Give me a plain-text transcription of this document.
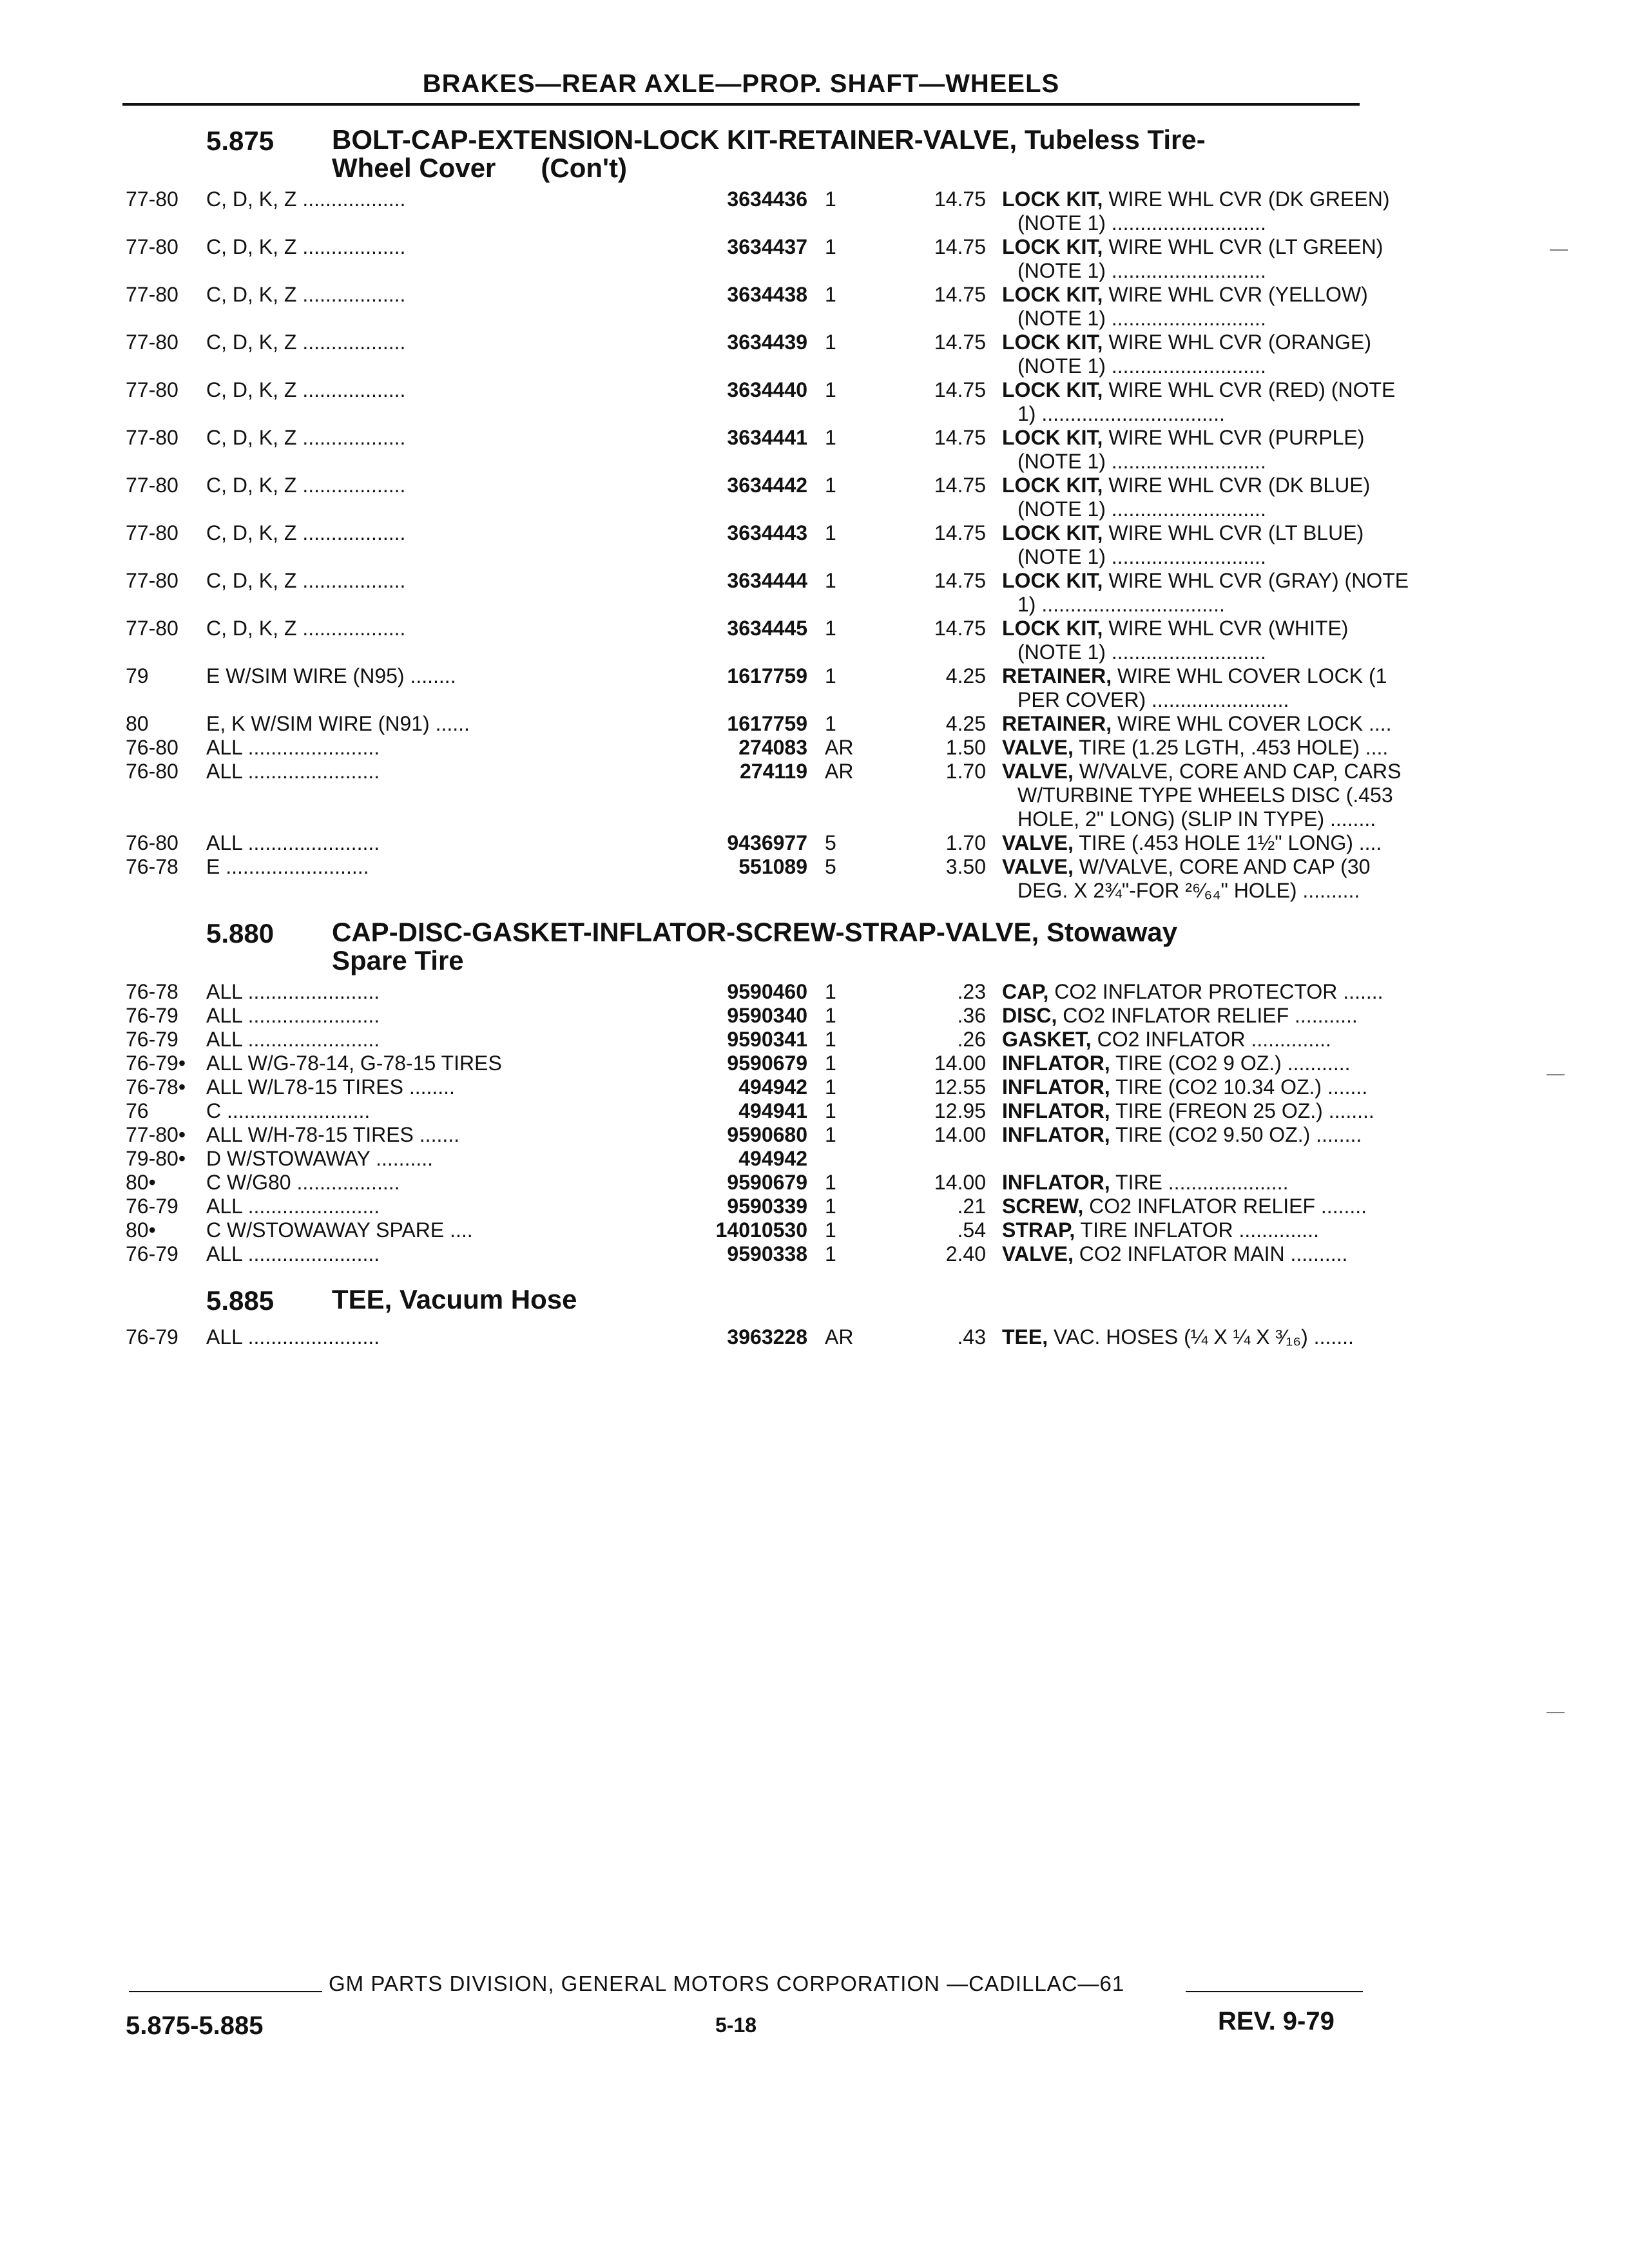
BRAKES—REAR AXLE—PROP. SHAFT—WHEELS
5.875 BOLT-CAP-EXTENSION-LOCK KIT-RETAINER-VALVE, Tubeless Tire-
Wheel Cover (Con't)
77-80	C, D, K, Z ..................	3634436 1	14.75 LOCK KIT, WIRE WHL CVR (DK GREEN)
(NOTE 1) ...........................
77-80	C, D, K, Z ..................	3634437 1	14.75 LOCK KIT, WIRE WHL CVR (LT GREEN)
(NOTE 1) ...........................
77-80	C, D, K, Z ..................	3634438 1	14.75 LOCK KIT, WIRE WHL CVR (YELLOW)
(NOTE 1) ...........................
77-80	C, D, K, Z ..................	3634439 1	14.75 LOCK KIT, WIRE WHL CVR (ORANGE)
(NOTE 1) ...........................
77-80	C, D, K, Z ..................	3634440 1	14.75 LOCK KIT, WIRE WHL CVR (RED) (NOTE
1) ................................
77-80	C, D, K, Z ..................	3634441 1	14.75 LOCK KIT, WIRE WHL CVR (PURPLE)
(NOTE 1) ...........................
77-80	C, D, K, Z ..................	3634442 1	14.75 LOCK KIT, WIRE WHL CVR (DK BLUE)
(NOTE 1) ...........................
77-80	C, D, K, Z ..................	3634443 1	14.75 LOCK KIT, WIRE WHL CVR (LT BLUE)
(NOTE 1) ...........................
77-80	C, D, K, Z ..................	3634444 1	14.75 LOCK KIT, WIRE WHL CVR (GRAY) (NOTE
1) ................................
77-80	C, D, K, Z ..................	3634445 1	14.75 LOCK KIT, WIRE WHL CVR (WHITE)
(NOTE 1) ...........................
79	E W/SIM WIRE (N95) ........	1617759 1	4.25 RETAINER, WIRE WHL COVER LOCK (1
PER COVER) ........................
80	E, K W/SIM WIRE (N91) ......	1617759 1	4.25 RETAINER, WIRE WHL COVER LOCK ....
76-80	ALL .......................	274083 AR	1.50 VALVE, TIRE (1.25 LGTH, .453 HOLE) ....
76-80	ALL .......................	274119 AR	1.70 VALVE, W/VALVE, CORE AND CAP, CARS
W/TURBINE TYPE WHEELS DISC (.453
HOLE, 2" LONG) (SLIP IN TYPE) ........
76-80	ALL .......................	9436977 5	1.70 VALVE, TIRE (.453 HOLE 1½" LONG) ....
76-78	E .........................	551089 5	3.50 VALVE, W/VALVE, CORE AND CAP (30
DEG. X 2¾"-FOR ²⁶⁄₆₄" HOLE) ..........
5.880 CAP-DISC-GASKET-INFLATOR-SCREW-STRAP-VALVE, Stowaway
Spare Tire
76-78	ALL .......................	9590460 1	.23 CAP, CO2 INFLATOR PROTECTOR .......
76-79	ALL .......................	9590340 1	.36 DISC, CO2 INFLATOR RELIEF ...........
76-79	ALL .......................	9590341 1	.26 GASKET, CO2 INFLATOR ..............
76-79• ALL W/G-78-14, G-78-15 TIRES	9590679 1	14.00 INFLATOR, TIRE (CO2 9 OZ.) ...........
76-78• ALL W/L78-15 TIRES ........	494942 1	12.55 INFLATOR, TIRE (CO2 10.34 OZ.) .......
76	C .........................	494941 1	12.95 INFLATOR, TIRE (FREON 25 OZ.) ........
77-80• ALL W/H-78-15 TIRES .......	9590680 1	14.00 INFLATOR, TIRE (CO2 9.50 OZ.) ........
79-80• D W/STOWAWAY ..........	494942
80•	C W/G80 ..................	9590679 1	14.00 INFLATOR, TIRE .....................
76-79	ALL .......................	9590339 1	.21 SCREW, CO2 INFLATOR RELIEF ........
80•	C W/STOWAWAY SPARE ....	14010530 1	.54 STRAP, TIRE INFLATOR ..............
76-79	ALL .......................	9590338 1	2.40 VALVE, CO2 INFLATOR MAIN ..........
5.885 TEE, Vacuum Hose
76-79	ALL .......................	3963228 AR	.43 TEE, VAC. HOSES (¼ X ¼ X ³⁄₁₆) .......
—
—
—
GM PARTS DIVISION, GENERAL MOTORS CORPORATION —CADILLAC—61
5.875-5.885	5-18	REV. 9-79
